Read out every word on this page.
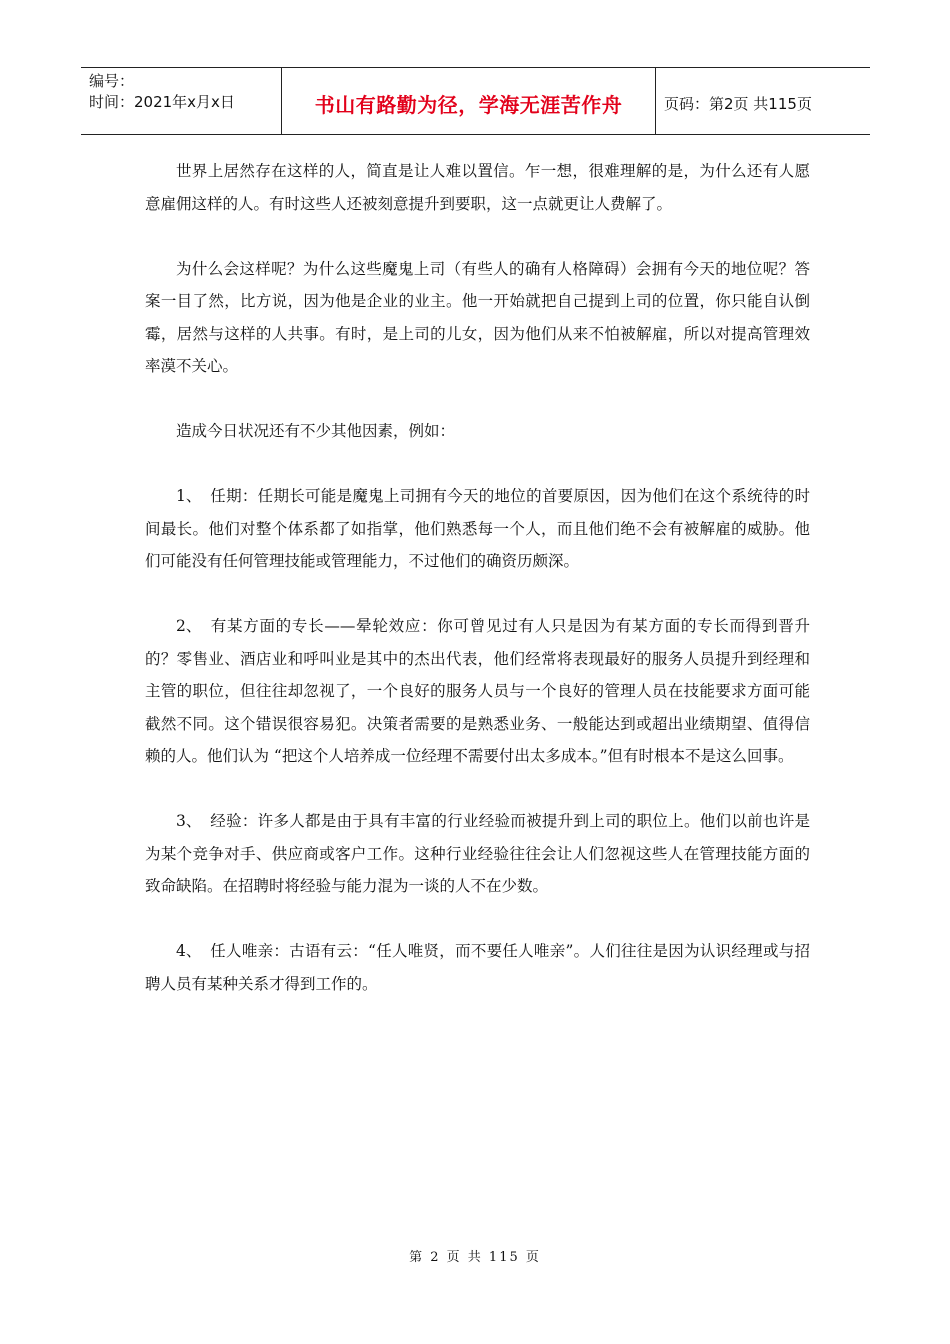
编号：
时间：2021年x月x日	书山有路勤为径，学海无涯苦作舟	页码：第2页 共115页

世界上居然存在这样的人，简直是让人难以置信。乍一想，很难理解的是，为什么还有人愿意雇佣这样的人。有时这些人还被刻意提升到要职，这一点就更让人费解了。

为什么会这样呢？为什么这些魔鬼上司（有些人的确有人格障碍）会拥有今天的地位呢？答案一目了然，比方说，因为他是企业的业主。他一开始就把自己提到上司的位置，你只能自认倒霉，居然与这样的人共事。有时，是上司的儿女，因为他们从来不怕被解雇，所以对提高管理效率漠不关心。

造成今日状况还有不少其他因素，例如：

1、 任期：任期长可能是魔鬼上司拥有今天的地位的首要原因，因为他们在这个系统待的时间最长。他们对整个体系都了如指掌，他们熟悉每一个人，而且他们绝不会有被解雇的威胁。他们可能没有任何管理技能或管理能力，不过他们的确资历颇深。

2、 有某方面的专长——晕轮效应：你可曾见过有人只是因为有某方面的专长而得到晋升的？零售业、酒店业和呼叫业是其中的杰出代表，他们经常将表现最好的服务人员提升到经理和主管的职位，但往往却忽视了，一个良好的服务人员与一个良好的管理人员在技能要求方面可能截然不同。这个错误很容易犯。决策者需要的是熟悉业务、一般能达到或超出业绩期望、值得信赖的人。他们认为 “把这个人培养成一位经理不需要付出太多成本。”但有时根本不是这么回事。

3、 经验：许多人都是由于具有丰富的行业经验而被提升到上司的职位上。他们以前也许是为某个竞争对手、供应商或客户工作。这种行业经验往往会让人们忽视这些人在管理技能方面的致命缺陷。在招聘时将经验与能力混为一谈的人不在少数。

4、 任人唯亲：古语有云：“任人唯贤，而不要任人唯亲”。人们往往是因为认识经理或与招聘人员有某种关系才得到工作的。

第 2 页 共 115 页
